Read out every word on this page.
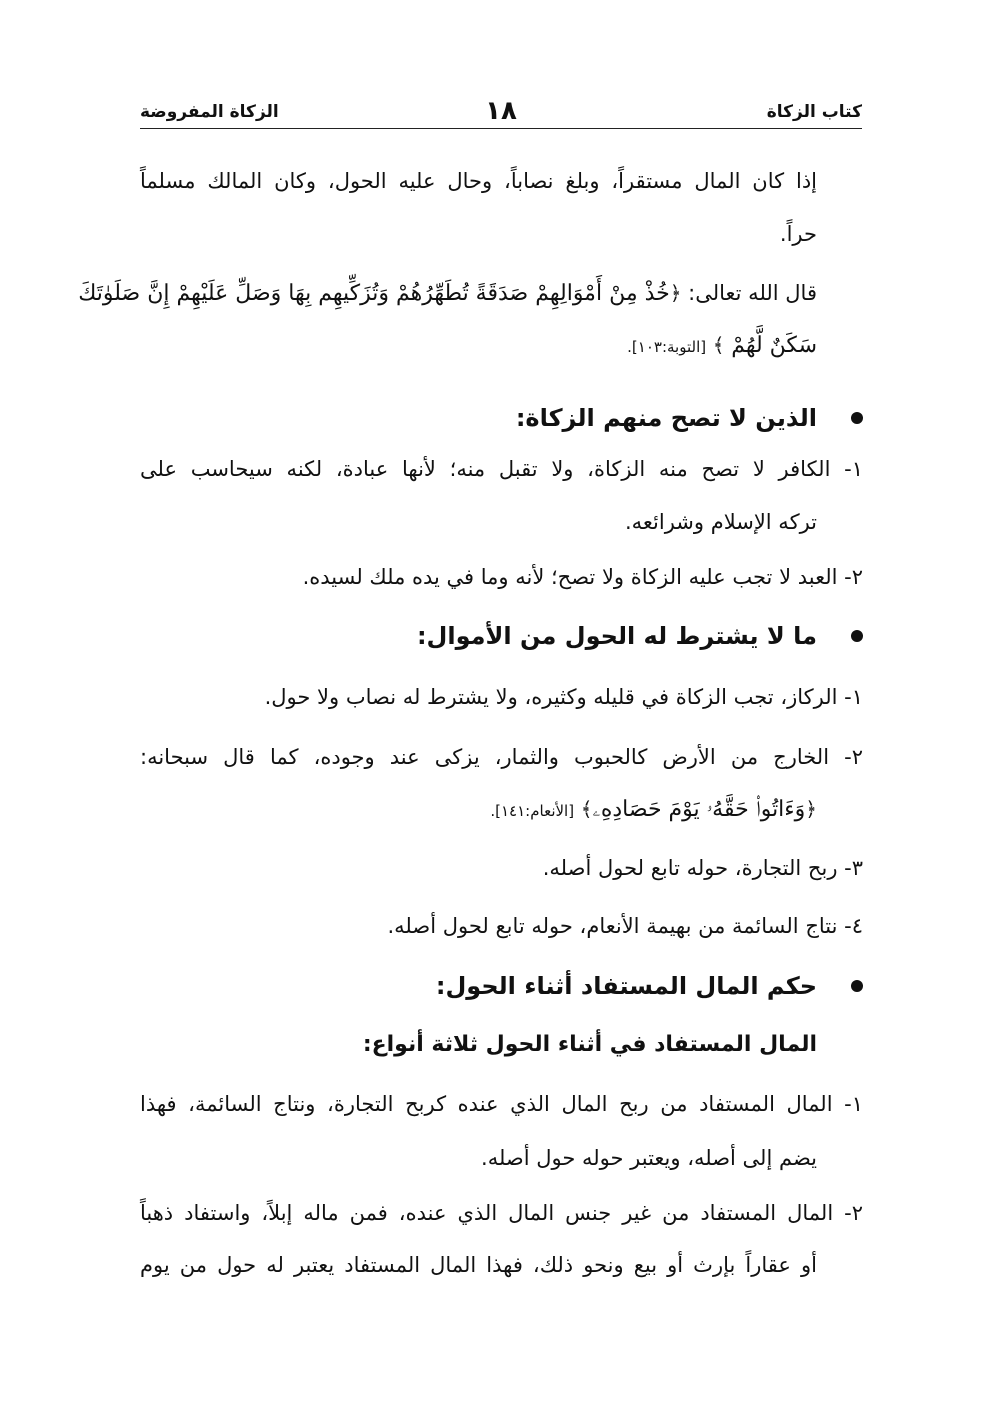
كتاب الزكاة
١٨
الزكاة المفروضة
إذا كان المال مستقراً، وبلغ نصاباً، وحال عليه الحول، وكان المالك مسلماً
حراً.
قال الله تعالى: ﴿خُذْ مِنْ أَمْوَالِهِمْ صَدَقَةً تُطَهِّرُهُمْ وَتُزَكِّيهِم بِهَا وَصَلِّ عَلَيْهِمْ إِنَّ صَلَوٰتَكَ
سَكَنٌ لَّهُمْ ﴾ [التوبة:١٠٣].
الذين لا تصح منهم الزكاة:
١- الكافر لا تصح منه الزكاة، ولا تقبل منه؛ لأنها عبادة، لكنه سيحاسب على
تركه الإسلام وشرائعه.
٢- العبد لا تجب عليه الزكاة ولا تصح؛ لأنه وما في يده ملك لسيده.
ما لا يشترط له الحول من الأموال:
١- الركاز، تجب الزكاة في قليله وكثيره، ولا يشترط له نصاب ولا حول.
٢- الخارج من الأرض كالحبوب والثمار، يزكى عند وجوده، كما قال سبحانه:
﴿وَءَاتُوا۟ حَقَّهُۥ يَوْمَ حَصَادِهِۦ﴾ [الأنعام:١٤١].
٣- ربح التجارة، حوله تابع لحول أصله.
٤- نتاج السائمة من بهيمة الأنعام، حوله تابع لحول أصله.
حكم المال المستفاد أثناء الحول:
المال المستفاد في أثناء الحول ثلاثة أنواع:
١- المال المستفاد من ربح المال الذي عنده كربح التجارة، ونتاج السائمة، فهذا
يضم إلى أصله، ويعتبر حوله حول أصله.
٢- المال المستفاد من غير جنس المال الذي عنده، فمن ماله إبلاً، واستفاد ذهباً
أو عقاراً بإرث أو بيع ونحو ذلك، فهذا المال المستفاد يعتبر له حول من يوم
